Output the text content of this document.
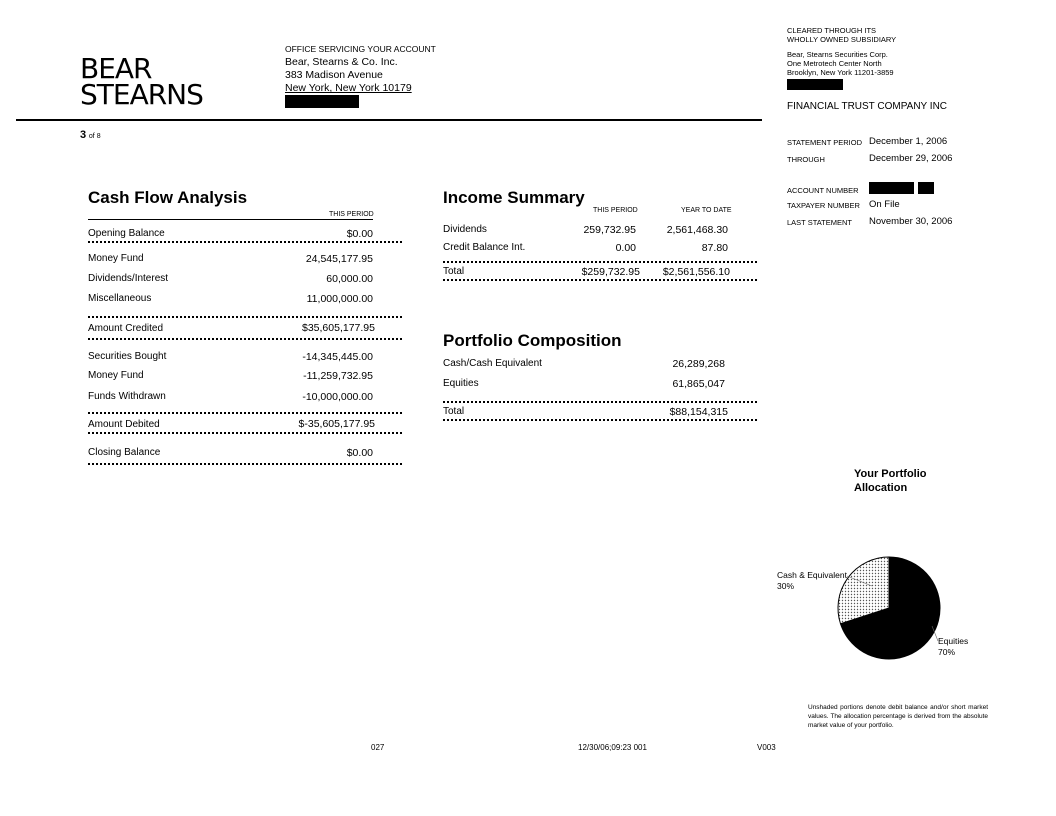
BEAR
STEARNS
OFFICE SERVICING YOUR ACCOUNT
Bear, Stearns & Co. Inc.
383 Madison Avenue
New York, New York 10179
CLEARED THROUGH ITS
WHOLLY OWNED SUBSIDIARY
Bear, Stearns Securities Corp.
One Metrotech Center North
Brooklyn, New York 11201-3859
FINANCIAL TRUST COMPANY INC
3 of 8
STATEMENT PERIOD December 1, 2006
THROUGH	December 29, 2006
ACCOUNT NUMBER
TAXPAYER NUMBER On File
LAST STATEMENT November 30, 2006
Cash Flow Analysis
THIS PERIOD
Opening Balance	$0.00
Money Fund	24,545,177.95
Dividends/Interest	60,000.00
Miscellaneous	11,000,000.00
Amount Credited	$35,605,177.95
Securities Bought	-14,345,445.00
Money Fund	-11,259,732.95
Funds Withdrawn	-10,000,000.00
Amount Debited	$-35,605,177.95
Closing Balance	$0.00
Income Summary
THIS PERIOD	YEAR TO DATE
Dividends	259,732.95	2,561,468.30
Credit Balance Int.	0.00	87.80
Total	$259,732.95	$2,561,556.10
Portfolio Composition
Cash/Cash Equivalent	26,289,268
Equities	61,865,047
Total	$88,154,315
Your Portfolio
Allocation
Cash & Equivalent
30%
Equities
70%
Unshaded portions denote debit balance and/or short market values. The allocation percentage is derived from the absolute market value of your portfolio.
027	12/30/06;09:23 001	V003
